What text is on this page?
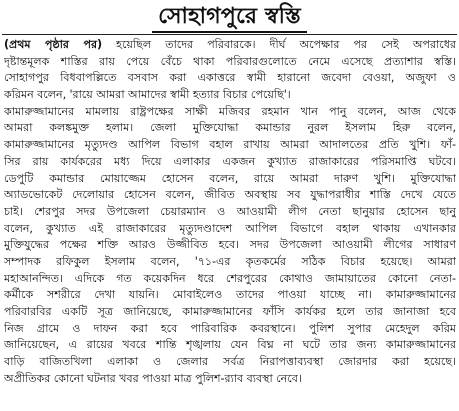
সোহাগপুরে স্বস্তি
(প্রথম পৃষ্ঠার পর) হয়েছিল তাদের পরিবারকে। দীর্ঘ অপেক্ষার পর সেই অপরাধের
দৃষ্টান্তমূলক শাস্তির রায় পেয়ে বেঁচে থাকা পরিবারগুলোতে নেমে এসেছে প্রত্যাশার স্বস্তি।
সোহাগপুর বিধবাপল্লিতে বসবাস করা একাত্তরে স্বামী হারানো জবেদা বেওয়া, অজুফা ও
করিমন বলেন, 'রায়ে আমরা আমাদের স্বামী হত্যার বিচার পেয়েছি'।
কামারুজ্জামানের মামলায় রাষ্ট্রপক্ষের সাক্ষী মজিবর রহমান খান পানু বলেন, আজ থেকে
আমরা কলঙ্কমুক্ত হলাম। জেলা মুক্তিযোদ্ধা কমান্ডার নুরল ইসলাম হিরু বলেন,
কামারুজ্জামানের মৃত্যুদণ্ড আপিল বিভাগ বহাল রাখায় আমরা আদালতের প্রতি খুশি। ফাঁ-
সির রায় কার্যকরের মধ্য দিয়ে এলাকার একজন কুখ্যাত রাজাকারের পরিসমাপ্তি ঘটবে।
ডেপুটি কমান্ডার মোয়াজ্জেম হোসেন বলেন, রায়ে আমরা দারুণ খুশি। মুক্তিযোদ্ধা
অ্যাডভোকেট দেলোয়ার হোসেন বলেন, জীবিত অবস্থায় সব যুদ্ধাপরাধীর শাস্তি দেখে যেতে
চাই। শেরপুর সদর উপজেলা চেয়ারম্যান ও আওয়ামী লীগ নেতা ছানুয়ার হোসেন ছানু
বলেন, কুখ্যাত এই রাজাকারের মৃত্যুদণ্ডাদেশ আপিল বিভাগে বহাল থাকায় এখানকার
মুক্তিযুদ্ধের পক্ষের শক্তি আরও উজ্জীবিত হবে। সদর উপজেলা আওয়ামী লীগের সাধারণ
সম্পাদক রফিকুল ইসলাম বলেন, '৭১-এর কৃতকর্মের সঠিক বিচার হয়েছে। আমরা
মহাআনন্দিত। এদিকে গত কয়েকদিন ধরে শেরপুরের কোথাও জামায়াতের কোনো নেতা-
কর্মীকে সশরীরে দেখা যায়নি। মোবাইলেও তাদের পাওয়া যাচ্ছে না। কামারুজ্জামানের
পরিবারবির একটি সূত্র জানিয়েছে, কামারুজ্জামানের ফাঁসি কার্যকর হলে তার জানাজা হবে
নিজ গ্রামে ও দাফন করা হবে পারিবারিক কবরস্থানে। পুলিশ সুপার মেহেদুল করিম
জানিয়েছেন, এ রায়ের খবরে শান্তি শৃঙ্খলায় যেন বিঘ্ন না ঘটে তার জন্য কামারুজ্জামানের
বাড়ি বাজিতখিলা এলাকা ও জেলার সর্বত্র নিরাপত্তাব্যবস্থা জোরদার করা হয়েছে।
অপ্রীতিকর কোনো ঘটনার খবর পাওয়া মাত্র পুলিশ-র‌্যাব ব্যবস্থা নেবে।
